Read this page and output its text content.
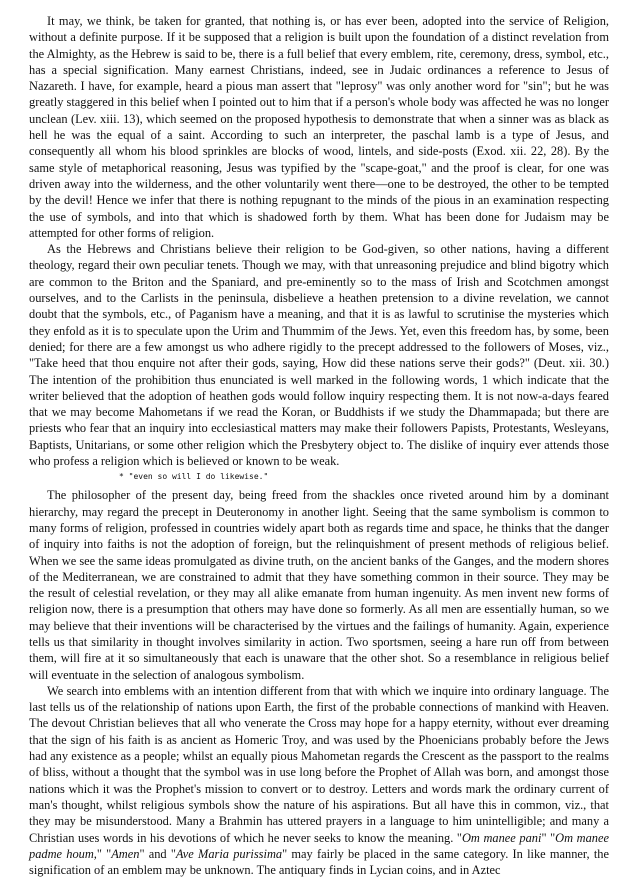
It may, we think, be taken for granted, that nothing is, or has ever been, adopted into the service of Religion, without a definite purpose. If it be supposed that a religion is built upon the foundation of a distinct revelation from the Almighty, as the Hebrew is said to be, there is a full belief that every emblem, rite, ceremony, dress, symbol, etc., has a special signification. Many earnest Christians, indeed, see in Judaic ordinances a reference to Jesus of Nazareth. I have, for example, heard a pious man assert that "leprosy" was only another word for "sin"; but he was greatly staggered in this belief when I pointed out to him that if a person's whole body was affected he was no longer unclean (Lev. xiii. 13), which seemed on the proposed hypothesis to demonstrate that when a sinner was as black as hell he was the equal of a saint. According to such an interpreter, the paschal lamb is a type of Jesus, and consequently all whom his blood sprinkles are blocks of wood, lintels, and side-posts (Exod. xii. 22, 28). By the same style of metaphorical reasoning, Jesus was typified by the "scape-goat," and the proof is clear, for one was driven away into the wilderness, and the other voluntarily went there—one to be destroyed, the other to be tempted by the devil! Hence we infer that there is nothing repugnant to the minds of the pious in an examination respecting the use of symbols, and into that which is shadowed forth by them. What has been done for Judaism may be attempted for other forms of religion.

As the Hebrews and Christians believe their religion to be God-given, so other nations, having a different theology, regard their own peculiar tenets. Though we may, with that unreasoning prejudice and blind bigotry which are common to the Briton and the Spaniard, and pre-eminently so to the mass of Irish and Scotchmen amongst ourselves, and to the Carlists in the peninsula, disbelieve a heathen pretension to a divine revelation, we cannot doubt that the symbols, etc., of Paganism have a meaning, and that it is as lawful to scrutinise the mysteries which they enfold as it is to speculate upon the Urim and Thummim of the Jews. Yet, even this freedom has, by some, been denied; for there are a few amongst us who adhere rigidly to the precept addressed to the followers of Moses, viz., "Take heed that thou enquire not after their gods, saying, How did these nations serve their gods?" (Deut. xii. 30.) The intention of the prohibition thus enunciated is well marked in the following words, 1 which indicate that the writer believed that the adoption of heathen gods would follow inquiry respecting them. It is not now-a-days feared that we may become Mahometans if we read the Koran, or Buddhists if we study the Dhammapada; but there are priests who fear that an inquiry into ecclesiastical matters may make their followers Papists, Protestants, Wesleyans, Baptists, Unitarians, or some other religion which the Presbytery object to. The dislike of inquiry ever attends those who profess a religion which is believed or known to be weak.

* "even so will I do likewise."

The philosopher of the present day, being freed from the shackles once riveted around him by a dominant hierarchy, may regard the precept in Deuteronomy in another light. Seeing that the same symbolism is common to many forms of religion, professed in countries widely apart both as regards time and space, he thinks that the danger of inquiry into faiths is not the adoption of foreign, but the relinquishment of present methods of religious belief. When we see the same ideas promulgated as divine truth, on the ancient banks of the Ganges, and the modern shores of the Mediterranean, we are constrained to admit that they have something common in their source. They may be the result of celestial revelation, or they may all alike emanate from human ingenuity. As men invent new forms of religion now, there is a presumption that others may have done so formerly. As all men are essentially human, so we may believe that their inventions will be characterised by the virtues and the failings of humanity. Again, experience tells us that similarity in thought involves similarity in action. Two sportsmen, seeing a hare run off from between them, will fire at it so simultaneously that each is unaware that the other shot. So a resemblance in religious belief will eventuate in the selection of analogous symbolism.

We search into emblems with an intention different from that with which we inquire into ordinary language. The last tells us of the relationship of nations upon Earth, the first of the probable connections of mankind with Heaven. The devout Christian believes that all who venerate the Cross may hope for a happy eternity, without ever dreaming that the sign of his faith is as ancient as Homeric Troy, and was used by the Phoenicians probably before the Jews had any existence as a people; whilst an equally pious Mahometan regards the Crescent as the passport to the realms of bliss, without a thought that the symbol was in use long before the Prophet of Allah was born, and amongst those nations which it was the Prophet's mission to convert or to destroy. Letters and words mark the ordinary current of man's thought, whilst religious symbols show the nature of his aspirations. But all have this in common, viz., that they may be misunderstood. Many a Brahmin has uttered prayers in a language to him unintelligible; and many a Christian uses words in his devotions of which he never seeks to know the meaning. "Om manee pani" "Om manee padme houm," "Amen" and "Ave Maria purissima" may fairly be placed in the same category. In like manner, the signification of an emblem may be unknown. The antiquary finds in Lycian coins, and in Aztec
